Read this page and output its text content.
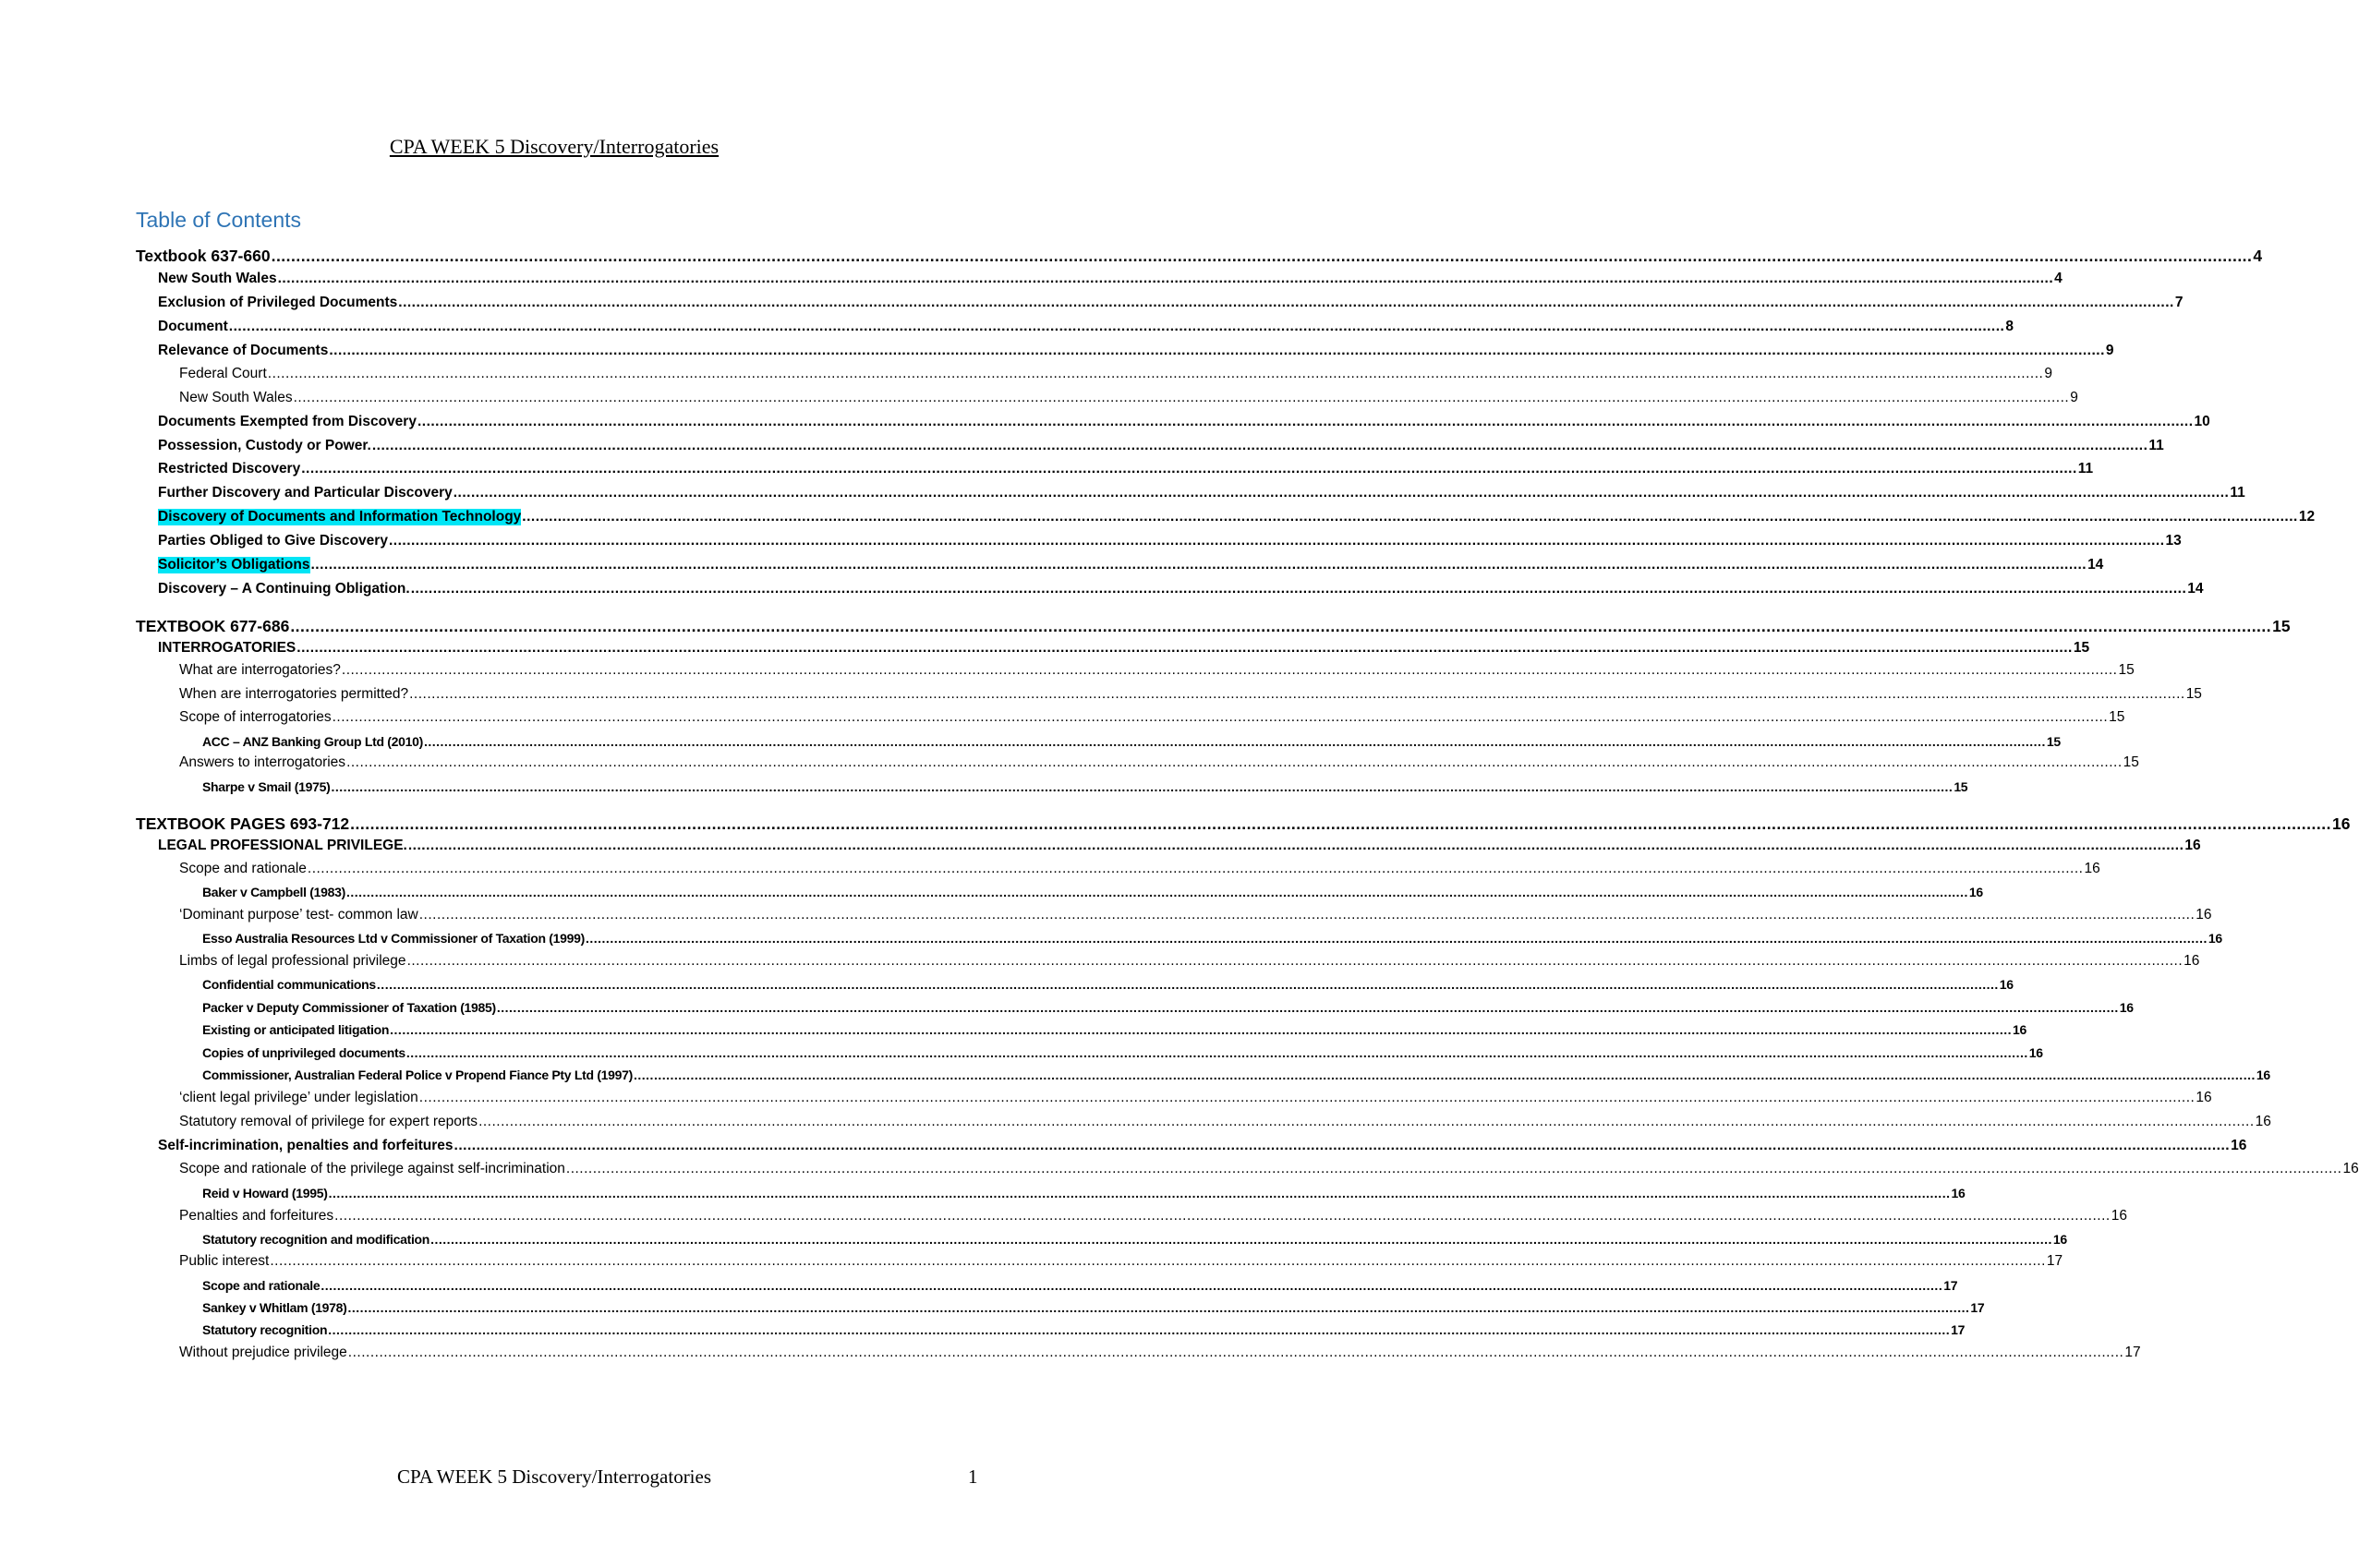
CPA WEEK 5 Discovery/Interrogatories
Table of Contents
Textbook 637-660 ................................................................................................................................................................................................................................................................................................................................................................................................................ 4
New South Wales ................................................................................................................................................................................................................................................................................................................................................................................................................ 4
Exclusion of Privileged Documents ................................................................................................................................................................................................................................................................................................................................................................................................................ 7
Document ................................................................................................................................................................................................................................................................................................................................................................................................................ 8
Relevance of Documents ................................................................................................................................................................................................................................................................................................................................................................................................................ 9
Federal Court ................................................................................................................................................................................................................................................................................................................................................................................................................ 9
New South Wales ................................................................................................................................................................................................................................................................................................................................................................................................................ 9
Documents Exempted from Discovery ................................................................................................................................................................................................................................................................................................................................................................................................................ 10
Possession, Custody or Power. ................................................................................................................................................................................................................................................................................................................................................................................................................ 11
Restricted Discovery ................................................................................................................................................................................................................................................................................................................................................................................................................ 11
Further Discovery and Particular Discovery ................................................................................................................................................................................................................................................................................................................................................................................................................ 11
Discovery of Documents and Information Technology ................................................................................................................................................................................................................................................................................................................................................................................................................ 12
Parties Obliged to Give Discovery ................................................................................................................................................................................................................................................................................................................................................................................................................ 13
Solicitor’s Obligations ................................................................................................................................................................................................................................................................................................................................................................................................................ 14
Discovery – A Continuing Obligation. ................................................................................................................................................................................................................................................................................................................................................................................................................ 14
TEXTBOOK 677-686 ................................................................................................................................................................................................................................................................................................................................................................................................................ 15
INTERROGATORIES ................................................................................................................................................................................................................................................................................................................................................................................................................ 15
What are interrogatories? ................................................................................................................................................................................................................................................................................................................................................................................................................ 15
When are interrogatories permitted? ................................................................................................................................................................................................................................................................................................................................................................................................................ 15
Scope of interrogatories ................................................................................................................................................................................................................................................................................................................................................................................................................ 15
ACC – ANZ Banking Group Ltd (2010) ................................................................................................................................................................................................................................................................................................................................................................................................................ 15
Answers to interrogatories ................................................................................................................................................................................................................................................................................................................................................................................................................ 15
Sharpe v Smail (1975) ................................................................................................................................................................................................................................................................................................................................................................................................................ 15
TEXTBOOK PAGES 693-712 ................................................................................................................................................................................................................................................................................................................................................................................................................ 16
LEGAL PROFESSIONAL PRIVILEGE. ................................................................................................................................................................................................................................................................................................................................................................................................................ 16
Scope and rationale ................................................................................................................................................................................................................................................................................................................................................................................................................ 16
Baker v Campbell (1983) ................................................................................................................................................................................................................................................................................................................................................................................................................ 16
‘Dominant purpose’ test- common law ................................................................................................................................................................................................................................................................................................................................................................................................................ 16
Esso Australia Resources Ltd v Commissioner of Taxation (1999) ................................................................................................................................................................................................................................................................................................................................................................................................................ 16
Limbs of legal professional privilege ................................................................................................................................................................................................................................................................................................................................................................................................................ 16
Confidential communications ................................................................................................................................................................................................................................................................................................................................................................................................................ 16
Packer v Deputy Commissioner of Taxation (1985) ................................................................................................................................................................................................................................................................................................................................................................................................................ 16
Existing or anticipated litigation ................................................................................................................................................................................................................................................................................................................................................................................................................ 16
Copies of unprivileged documents ................................................................................................................................................................................................................................................................................................................................................................................................................ 16
Commissioner, Australian Federal Police v Propend Fiance Pty Ltd (1997) ................................................................................................................................................................................................................................................................................................................................................................................................................ 16
‘client legal privilege’ under legislation ................................................................................................................................................................................................................................................................................................................................................................................................................ 16
Statutory removal of privilege for expert reports ................................................................................................................................................................................................................................................................................................................................................................................................................ 16
Self-incrimination, penalties and forfeitures ................................................................................................................................................................................................................................................................................................................................................................................................................ 16
Scope and rationale of the privilege against self-incrimination ................................................................................................................................................................................................................................................................................................................................................................................................................ 16
Reid v Howard (1995) ................................................................................................................................................................................................................................................................................................................................................................................................................ 16
Penalties and forfeitures ................................................................................................................................................................................................................................................................................................................................................................................................................ 16
Statutory recognition and modification ................................................................................................................................................................................................................................................................................................................................................................................................................ 16
Public interest ................................................................................................................................................................................................................................................................................................................................................................................................................ 17
Scope and rationale ................................................................................................................................................................................................................................................................................................................................................................................................................ 17
Sankey v Whitlam (1978) ................................................................................................................................................................................................................................................................................................................................................................................................................ 17
Statutory recognition ................................................................................................................................................................................................................................................................................................................................................................................................................ 17
Without prejudice privilege ................................................................................................................................................................................................................................................................................................................................................................................................................ 17
CPA WEEK 5 Discovery/Interrogatories	1
